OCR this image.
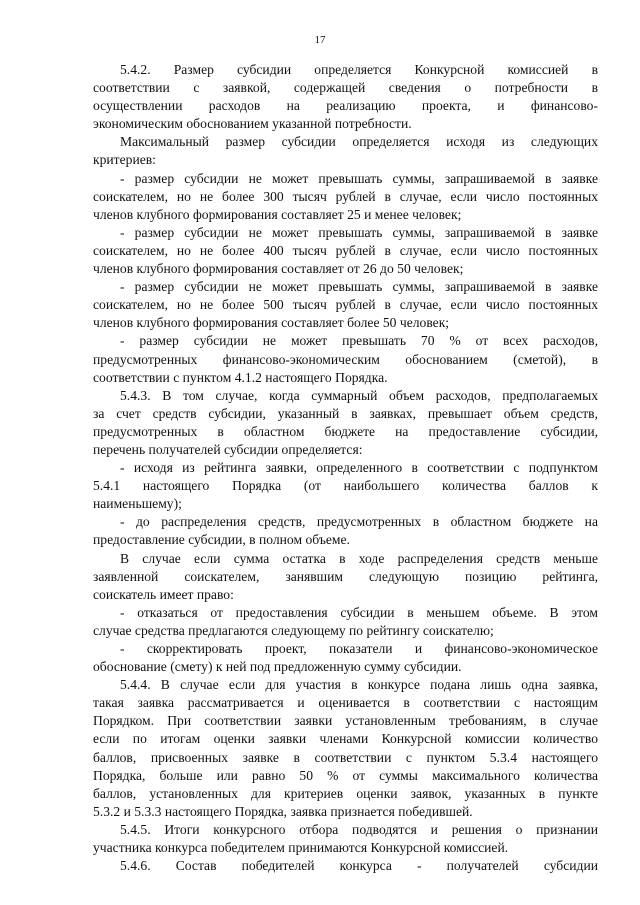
17
5.4.2. Размер субсидии определяется Конкурсной комиссией в
соответствии с заявкой, содержащей сведения о потребности в
осуществлении расходов на реализацию проекта, и финансово-
экономическим обоснованием указанной потребности.
Максимальный размер субсидии определяется исходя из следующих
критериев:
- размер субсидии не может превышать суммы, запрашиваемой в заявке
соискателем, но не более 300 тысяч рублей в случае, если число постоянных
членов клубного формирования составляет 25 и менее человек;
- размер субсидии не может превышать суммы, запрашиваемой в заявке
соискателем, но не более 400 тысяч рублей в случае, если число постоянных
членов клубного формирования составляет от 26 до 50 человек;
- размер субсидии не может превышать суммы, запрашиваемой в заявке
соискателем, но не более 500 тысяч рублей в случае, если число постоянных
членов клубного формирования составляет более 50 человек;
- размер субсидии не может превышать 70 % от всех расходов,
предусмотренных финансово-экономическим обоснованием (сметой), в
соответствии с пунктом 4.1.2 настоящего Порядка.
5.4.3. В том случае, когда суммарный объем расходов, предполагаемых
за счет средств субсидии, указанный в заявках, превышает объем средств,
предусмотренных в областном бюджете на предоставление субсидии,
перечень получателей субсидии определяется:
- исходя из рейтинга заявки, определенного в соответствии с подпунктом
5.4.1 настоящего Порядка (от наибольшего количества баллов к
наименьшему);
- до распределения средств, предусмотренных в областном бюджете на
предоставление субсидии, в полном объеме.
В случае если сумма остатка в ходе распределения средств меньше
заявленной соискателем, занявшим следующую позицию рейтинга,
соискатель имеет право:
- отказаться от предоставления субсидии в меньшем объеме. В этом
случае средства предлагаются следующему по рейтингу соискателю;
- скорректировать проект, показатели и финансово-экономическое
обоснование (смету) к ней под предложенную сумму субсидии.
5.4.4. В случае если для участия в конкурсе подана лишь одна заявка,
такая заявка рассматривается и оценивается в соответствии с настоящим
Порядком. При соответствии заявки установленным требованиям, в случае
если по итогам оценки заявки членами Конкурсной комиссии количество
баллов, присвоенных заявке в соответствии с пунктом 5.3.4 настоящего
Порядка, больше или равно 50 % от суммы максимального количества
баллов, установленных для критериев оценки заявок, указанных в пункте
5.3.2 и 5.3.3 настоящего Порядка, заявка признается победившей.
5.4.5. Итоги конкурсного отбора подводятся и решения о признании
участника конкурса победителем принимаются Конкурсной комиссией.
5.4.6. Состав победителей конкурса - получателей субсидии
